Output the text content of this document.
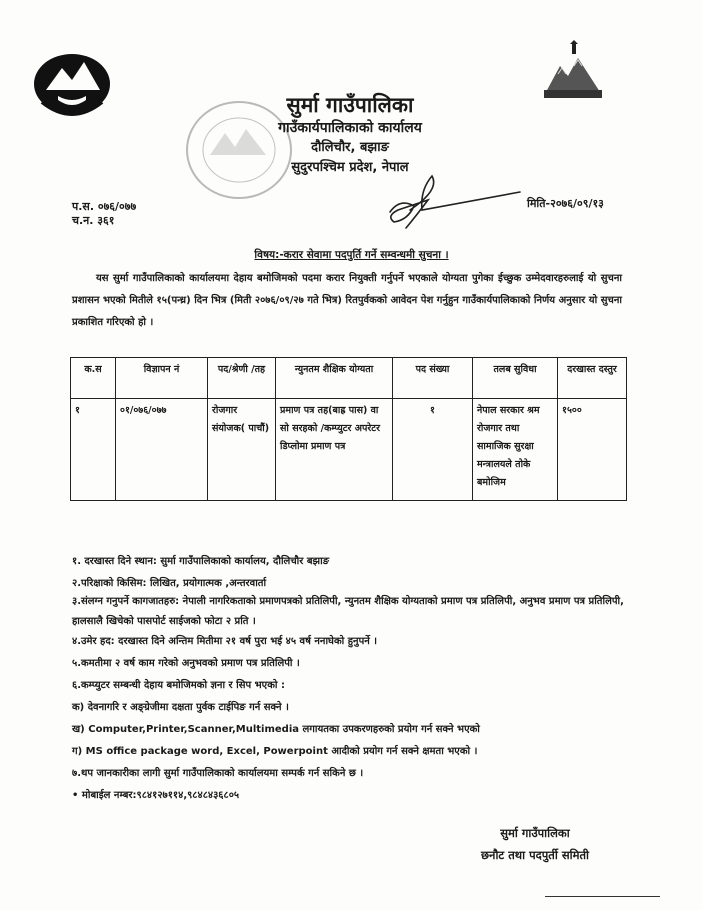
सुर्मा गाउँपालिका
गाउँकार्यपालिकाको कार्यालय
दौलिचौर, बझाङ
सुदुरपश्चिम प्रदेश, नेपाल
प.स. ०७६/०७७
च.न. ३६१
मिति-२०७६/०९/१३
विषय:-करार सेवामा पदपुर्ति गर्ने सम्वन्धमी सुचना ।
यस सुर्मा गाउँपालिकाको कार्यालयमा देहाय बमोजिमको पदमा करार नियुक्ती गर्नुपर्ने भएकाले योग्यता पुगेका ईच्छुक उम्मेदवारहरुलाई यो सुचना प्रशासन भएको मितीले १५(पन्ध्र) दिन भित्र (मिती २०७६/०९/२७ गते भित्र) रितपुर्वकको आवेदन पेश गर्नुहुन गाउँकार्यपालिकाको निर्णय अनुसार यो सुचना प्रकाशित गरिएको हो ।
क.स	विज्ञापन नं	पद/श्रेणी /तह	न्युनतम शैक्षिक योग्यता	पद संख्या	तलब सुविधा	दरखास्त दस्तुर
१	०१/०७६/०७७	रोजगार संयोजक( पाचौं)	प्रमाण पत्र तह(बाह्र पास) वा सो सरहको /कम्प्युटर अपरेटर डिप्लोमा प्रमाण पत्र	१	नेपाल सरकार श्रम रोजगार तथा सामाजिक सुरक्षा मन्त्रालयले तोके बमोजिम	१५००
१. दरखास्त दिने स्थान: सुर्मा गाउँपालिकाको कार्यालय, दौलिचौर बझाङ
२.परिक्षाको किसिम: लिखित, प्रयोगात्मक ,अन्तरवार्ता
३.संलग्न गनुपर्ने कागजातहरु: नेपाली नागरिकताको प्रमाणपत्रको प्रतिलिपी, न्युनतम शैक्षिक योग्यताको प्रमाण पत्र प्रतिलिपी, अनुभव प्रमाण पत्र प्रतिलिपी, हालसालै खिचेको पासपोर्ट साईजको फोटा २ प्रति ।
४.उमेर हद: दरखास्त दिने अन्तिम मितीमा २१ वर्ष पुरा भई ४५ वर्ष ननाघेको हुनुपर्ने ।
५.कमतीमा २ वर्ष काम गरेको अनुभवको प्रमाण पत्र प्रतिलिपी ।
६.कम्प्युटर सम्बन्धी देहाय बमोजिमको ज्ञना र सिप भएको :
क) देवनागरि र अङ्ग्रेजीमा दक्षता पुर्वक टाईपिङ गर्न सक्ने ।
ख) Computer,Printer,Scanner,Multimedia लगायतका उपकरणहरुको प्रयोग गर्न सक्ने भएको
ग) MS office package word, Excel, Powerpoint आदीको प्रयोग गर्न सक्ने क्षमता भएको ।
७.थप जानकारीका लागी सुर्मा गाउँपालिकाको कार्यालयमा सम्पर्क गर्न सकिने छ ।
• मोबाईल नम्बर:९८४१२७११४,९८४८४३६८०५
सुर्मा गाउँपालिका
छनौट तथा पदपुर्ती समिती
